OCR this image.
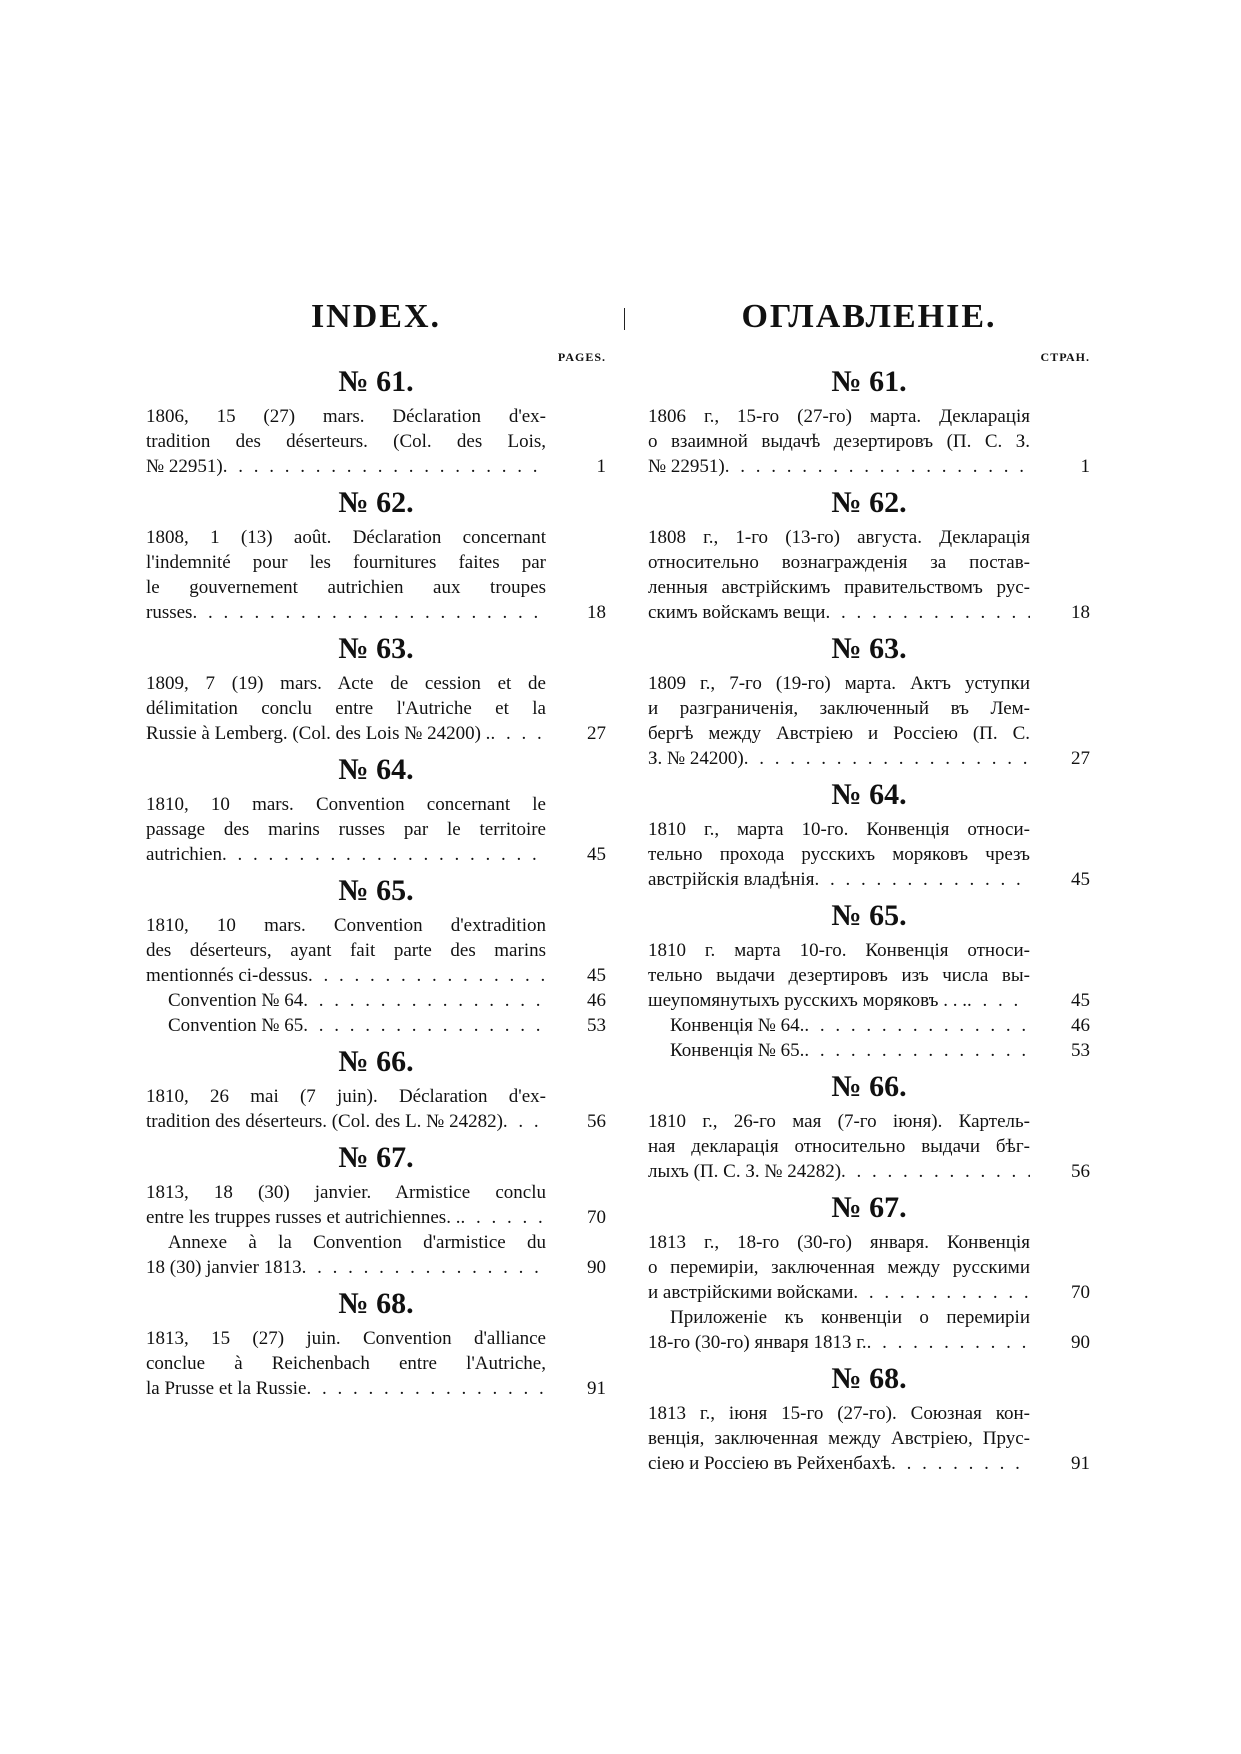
INDEX.
PAGES.
№ 61.
1806, 15 (27) mars. Déclaration d'ex-
tradition des déserteurs. (Col. des Lois,
№ 22951) . . .	1
№ 62.
1808, 1 (13) août. Déclaration concernant
l'indemnité pour les fournitures faites par
le gouvernement autrichien aux troupes
russes . . .	18
№ 63.
1809, 7 (19) mars. Acte de cession et de
délimitation conclu entre l'Autriche et la
Russie à Lemberg. (Col. des Lois № 24200) . . . .	27
№ 64.
1810, 10 mars. Convention concernant le
passage des marins russes par le territoire
autrichien . . .	45
№ 65.
1810, 10 mars. Convention d'extradition
des déserteurs, ayant fait parte des marins
mentionnés ci-dessus . . .	45
Convention № 64 . . .	46
Convention № 65 . . .	53
№ 66.
1810, 26 mai (7 juin). Déclaration d'ex-
tradition des déserteurs. (Col. des L. № 24282) . . .	56
№ 67.
1813, 18 (30) janvier. Armistice conclu
entre les truppes russes et autrichiennes. . . . .	70
Annexe à la Convention d'armistice du
18 (30) janvier 1813 . . .	90
№ 68.
1813, 15 (27) juin. Convention d'alliance
conclue à Reichenbach entre l'Autriche,
la Prusse et la Russie . . .	91
ОГЛАВЛЕНІЕ.
СТРАН.
№ 61.
1806 г., 15-го (27-го) марта. Декларація
о взаимной выдачѣ дезертировъ (П. С. З.
№ 22951) . . .	1
№ 62.
1808 г., 1-го (13-го) августа. Декларація
относительно вознагражденія за постав-
ленныя австрійскимъ правительствомъ рус-
скимъ войскамъ вещи . . .	18
№ 63.
1809 г., 7-го (19-го) марта. Актъ уступки
и разграниченія, заключенный въ Лем-
бергѣ между Австріею и Россіею (П. С.
З. № 24200) . . .	27
№ 64.
1810 г., марта 10-го. Конвенція относи-
тельно прохода русскихъ моряковъ чрезъ
австрійскія владѣнія . . .	45
№ 65.
1810 г. марта 10-го. Конвенція относи-
тельно выдачи дезертировъ изъ числа вы-
шеупомянутыхъ русскихъ моряковъ . . . . . .	45
Конвенція № 64. . . .	46
Конвенція № 65. . . .	53
№ 66.
1810 г., 26-го мая (7-го іюня). Картель-
ная декларація относительно выдачи бѣг-
лыхъ (П. С. З. № 24282) . . .	56
№ 67.
1813 г., 18-го (30-го) января. Конвенція
о перемиріи, заключенная между русскими
и австрійскими войсками . . .	70
Приложеніе къ конвенціи о перемиріи
18-го (30-го) января 1813 г. . . .	90
№ 68.
1813 г., іюня 15-го (27-го). Союзная кон-
венція, заключенная между Австріею, Прус-
сіею и Россіею въ Рейхенбахѣ . . .	91
